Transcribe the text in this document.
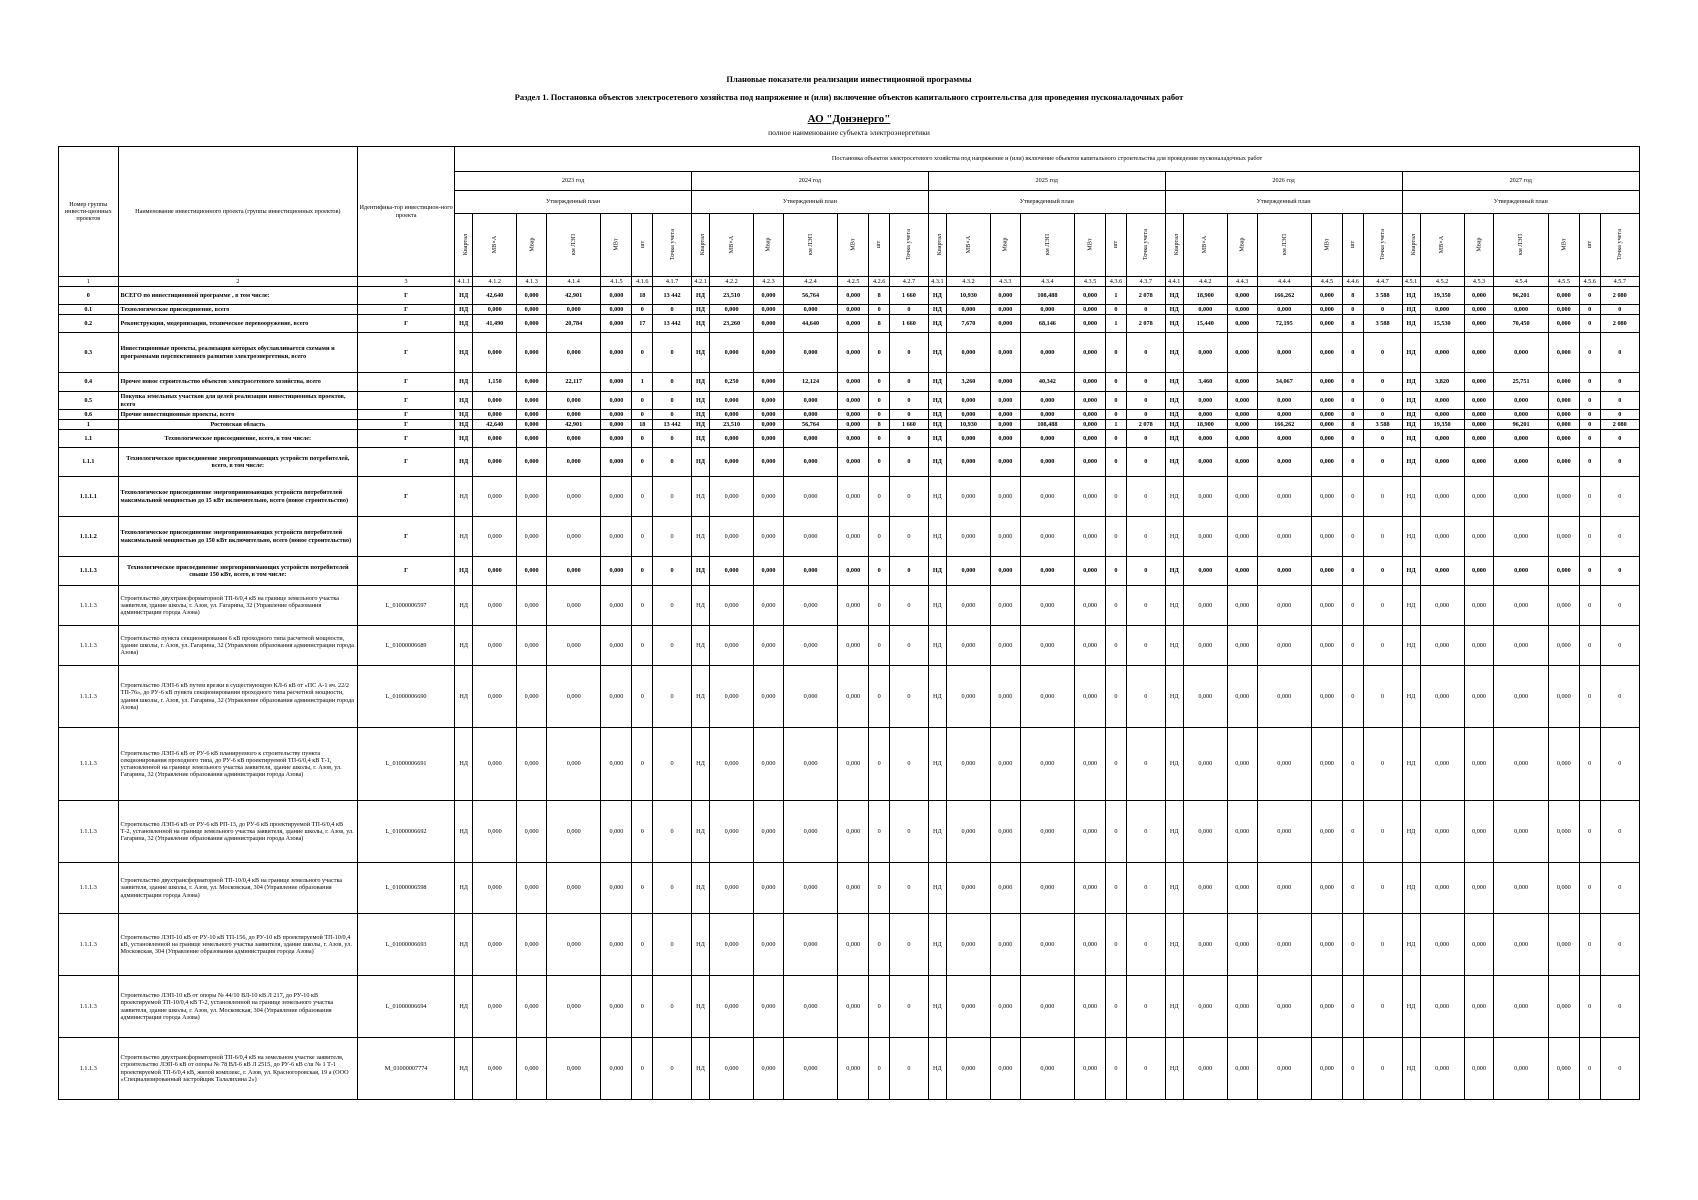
Плановые показатели реализации инвестиционной программы
Раздел 1. Постановка объектов электросетевого хозяйства под напряжение и (или) включение объектов капитального строительства для проведения пусконаладочных работ
АО "Донэнерго"
полное наименование субъекта электроэнергетики
Номер группы инвести-ционных проектов	Наименование инвестиционного проекта (группы инвестиционных проектов)	Идентифика-тор инвестицион-ного проекта	Постановка объектов электросетевого хозяйства под напряжение и (или) включение объектов капитального строительства для проведения пусконаладочных работ																																		
			2023 год							2024 год							2025 год							2026 год							2027 год						
			Утвержденный план							Утвержденный план							Утвержденный план							Утвержденный план							Утвержденный план						
			Квартал	МВ×А	Мвар	км ЛЭП	МВт	шт	Точка учета	Квартал	МВ×А	Мвар	км ЛЭП	МВт	шт	Точка учета	Квартал	МВ×А	Мвар	км ЛЭП	МВт	шт	Точка учета	Квартал	МВ×А	Мвар	км ЛЭП	МВт	шт	Точка учета	Квартал	МВ×А	Мвар	км ЛЭП	МВт	шт	Точка учета
1	2	3	4.1.1	4.1.2	4.1.3	4.1.4	4.1.5	4.1.6	4.1.7	4.2.1	4.2.2	4.2.3	4.2.4	4.2.5	4.2.6	4.2.7	4.3.1	4.3.2	4.3.3	4.3.4	4.3.5	4.3.6	4.3.7	4.4.1	4.4.2	4.4.3	4.4.4	4.4.5	4.4.6	4.4.7	4.5.1	4.5.2	4.5.3	4.5.4	4.5.5	4.5.6	4.5.7
0	ВСЕГО по инвестиционной программе , в том числе:	Г	НД	42,640	0,000	42,901	0,000	18	13 442	НД	23,510	0,000	56,764	0,000	8	1 660	НД	10,930	0,000	108,488	0,000	1	2 078	НД	18,900	0,000	166,262	0,000	8	3 588	НД	19,350	0,000	96,201	0,000	0	2 080
0.1	Технологическое присоединение, всего	Г	НД	0,000	0,000	0,000	0,000	0	0	НД	0,000	0,000	0,000	0,000	0	0	НД	0,000	0,000	0,000	0,000	0	0	НД	0,000	0,000	0,000	0,000	0	0	НД	0,000	0,000	0,000	0,000	0	0
0.2	Реконструкция, модернизация, техническое перевооружение, всего	Г	НД	41,490	0,000	20,784	0,000	17	13 442	НД	23,260	0,000	44,640	0,000	8	1 660	НД	7,670	0,000	68,146	0,000	1	2 078	НД	15,440	0,000	72,195	0,000	8	3 588	НД	15,530	0,000	70,450	0,000	0	2 080
0.3	Инвестиционные проекты, реализация которых обуславливается схемами и программами перспективного развития электроэнергетики, всего	Г	НД	0,000	0,000	0,000	0,000	0	0	НД	0,000	0,000	0,000	0,000	0	0	НД	0,000	0,000	0,000	0,000	0	0	НД	0,000	0,000	0,000	0,000	0	0	НД	0,000	0,000	0,000	0,000	0	0
0.4	Прочее новое строительство объектов электросетевого хозяйства, всего	Г	НД	1,150	0,000	22,117	0,000	1	0	НД	0,250	0,000	12,124	0,000	0	0	НД	3,260	0,000	40,342	0,000	0	0	НД	3,460	0,000	34,067	0,000	0	0	НД	3,820	0,000	25,751	0,000	0	0
0.5	Покупка земельных участков для целей реализации инвестиционных проектов, всего	Г	НД	0,000	0,000	0,000	0,000	0	0	НД	0,000	0,000	0,000	0,000	0	0	НД	0,000	0,000	0,000	0,000	0	0	НД	0,000	0,000	0,000	0,000	0	0	НД	0,000	0,000	0,000	0,000	0	0
0.6	Прочие инвестиционные проекты, всего	Г	НД	0,000	0,000	0,000	0,000	0	0	НД	0,000	0,000	0,000	0,000	0	0	НД	0,000	0,000	0,000	0,000	0	0	НД	0,000	0,000	0,000	0,000	0	0	НД	0,000	0,000	0,000	0,000	0	0
1	Ростовская область	Г	НД	42,640	0,000	42,901	0,000	18	13 442	НД	23,510	0,000	56,764	0,000	8	1 660	НД	10,930	0,000	108,488	0,000	1	2 078	НД	18,900	0,000	166,262	0,000	8	3 588	НД	19,350	0,000	96,201	0,000	0	2 080
1.1	Технологическое присоединение, всего, в том числе:	Г	НД	0,000	0,000	0,000	0,000	0	0	НД	0,000	0,000	0,000	0,000	0	0	НД	0,000	0,000	0,000	0,000	0	0	НД	0,000	0,000	0,000	0,000	0	0	НД	0,000	0,000	0,000	0,000	0	0
1.1.1	Технологическое присоединение энергопринимающих устройств потребителей, всего, в том числе:	Г	НД	0,000	0,000	0,000	0,000	0	0	НД	0,000	0,000	0,000	0,000	0	0	НД	0,000	0,000	0,000	0,000	0	0	НД	0,000	0,000	0,000	0,000	0	0	НД	0,000	0,000	0,000	0,000	0	0
1.1.1.1	Технологическое присоединение энергопринимающих устройств потребителей максимальной мощностью до 15 кВт включительно, всего (новое строительство)	Г	НД	0,000	0,000	0,000	0,000	0	0	НД	0,000	0,000	0,000	0,000	0	0	НД	0,000	0,000	0,000	0,000	0	0	НД	0,000	0,000	0,000	0,000	0	0	НД	0,000	0,000	0,000	0,000	0	0
1.1.1.2	Технологическое присоединение энергопринимающих устройств потребителей максимальной мощностью до 150 кВт включительно, всего (новое строительство)	Г	НД	0,000	0,000	0,000	0,000	0	0	НД	0,000	0,000	0,000	0,000	0	0	НД	0,000	0,000	0,000	0,000	0	0	НД	0,000	0,000	0,000	0,000	0	0	НД	0,000	0,000	0,000	0,000	0	0
1.1.1.3	Технологическое присоединение энергопринимающих устройств потребителей свыше 150 кВт, всего, в том числе:	Г	НД	0,000	0,000	0,000	0,000	0	0	НД	0,000	0,000	0,000	0,000	0	0	НД	0,000	0,000	0,000	0,000	0	0	НД	0,000	0,000	0,000	0,000	0	0	НД	0,000	0,000	0,000	0,000	0	0
1.1.1.3	Строительство двухтрансформаторной ТП-6/0,4 кВ на границе земельного участка заявителя, здание школы, г. Азов, ул. Гагарина, 32 (Управление образования администрации города Азова)	L_01000006597	НД	0,000	0,000	0,000	0,000	0	0	НД	0,000	0,000	0,000	0,000	0	0	НД	0,000	0,000	0,000	0,000	0	0	НД	0,000	0,000	0,000	0,000	0	0	НД	0,000	0,000	0,000	0,000	0	0
1.1.1.3	Строительство пункта секционирования 6 кВ проходного типа расчетной мощности, здание школы, г. Азов, ул. Гагарина, 32 (Управление образования администрации города Азова)	L_01000006689	НД	0,000	0,000	0,000	0,000	0	0	НД	0,000	0,000	0,000	0,000	0	0	НД	0,000	0,000	0,000	0,000	0	0	НД	0,000	0,000	0,000	0,000	0	0	НД	0,000	0,000	0,000	0,000	0	0
1.1.1.3	Строительство ЛЭП-6 кВ путем врезки в существующую КЛ-6 кВ от «ПС А-1 яч. 22/2 ТП-76», до РУ-6 кВ пункта секционирования проходного типа расчетной мощности, здания школы, г. Азов, ул. Гагарина, 32 (Управление образования администрации города Азова)	L_01000006690	НД	0,000	0,000	0,000	0,000	0	0	НД	0,000	0,000	0,000	0,000	0	0	НД	0,000	0,000	0,000	0,000	0	0	НД	0,000	0,000	0,000	0,000	0	0	НД	0,000	0,000	0,000	0,000	0	0
1.1.1.3	Строительство ЛЭП-6 кВ от РУ-6 кВ планируемого к строительству пункта секционирования проходного типа, до РУ-6 кВ проектируемой ТП-6/0,4 кВ Т-1, установленной на границе земельного участка заявителя, здание школы, г. Азов, ул. Гагарина, 32 (Управление образования администрации города Азова)	L_01000006691	НД	0,000	0,000	0,000	0,000	0	0	НД	0,000	0,000	0,000	0,000	0	0	НД	0,000	0,000	0,000	0,000	0	0	НД	0,000	0,000	0,000	0,000	0	0	НД	0,000	0,000	0,000	0,000	0	0
1.1.1.3	Строительство ЛЭП-6 кВ от РУ-6 кВ РП-13, до РУ-6 кВ проектируемой ТП-6/0,4 кВ Т-2, установленной на границе земельного участка заявителя, здание школы, г. Азов, ул. Гагарина, 32 (Управление образования администрации города Азова)	L_01000006692	НД	0,000	0,000	0,000	0,000	0	0	НД	0,000	0,000	0,000	0,000	0	0	НД	0,000	0,000	0,000	0,000	0	0	НД	0,000	0,000	0,000	0,000	0	0	НД	0,000	0,000	0,000	0,000	0	0
1.1.1.3	Строительство двухтрансформаторной ТП-10/0,4 кВ на границе земельного участка заявителя, здание школы, г. Азов, ул. Московская, 304 (Управление образования администрации города Азова)	L_01000006598	НД	0,000	0,000	0,000	0,000	0	0	НД	0,000	0,000	0,000	0,000	0	0	НД	0,000	0,000	0,000	0,000	0	0	НД	0,000	0,000	0,000	0,000	0	0	НД	0,000	0,000	0,000	0,000	0	0
1.1.1.3	Строительство ЛЭП-10 кВ от РУ-10 кВ ТП-156, до РУ-10 кВ проектируемой ТП-10/0,4 кВ, установленной на границе земельного участка заявителя, здание школы, г. Азов, ул. Московская, 304 (Управление образования администрации города Азова)	L_01000006693	НД	0,000	0,000	0,000	0,000	0	0	НД	0,000	0,000	0,000	0,000	0	0	НД	0,000	0,000	0,000	0,000	0	0	НД	0,000	0,000	0,000	0,000	0	0	НД	0,000	0,000	0,000	0,000	0	0
1.1.1.3	Строительство ЛЭП-10 кВ от опоры № 44/10 ВЛ-10 кВ Л 217, до РУ-10 кВ проектируемой ТП-10/0,4 кВ Т-2, установленной на границе земельного участка заявителя, здание школы, г. Азов, ул. Московская, 304 (Управление образования администрации города Азова)	L_01000006694	НД	0,000	0,000	0,000	0,000	0	0	НД	0,000	0,000	0,000	0,000	0	0	НД	0,000	0,000	0,000	0,000	0	0	НД	0,000	0,000	0,000	0,000	0	0	НД	0,000	0,000	0,000	0,000	0	0
1.1.1.3	Строительство двухтрансформаторной ТП-6/0,4 кВ на земельном участке заявителя, строительство ЛЭП-6 кВ от опоры № 78 ВЛ-6 кВ Л 2515, до РУ-6 кВ с/ш № 1 Т-1 проектируемой ТП-6/0,4 кВ, жилой комплекс, г. Азов, ул. Красногоровская, 19 а (ООО «Специализированный застройщик Талалихина 2»)	M_01000007774	НД	0,000	0,000	0,000	0,000	0	0	НД	0,000	0,000	0,000	0,000	0	0	НД	0,000	0,000	0,000	0,000	0	0	НД	0,000	0,000	0,000	0,000	0	0	НД	0,000	0,000	0,000	0,000	0	0
